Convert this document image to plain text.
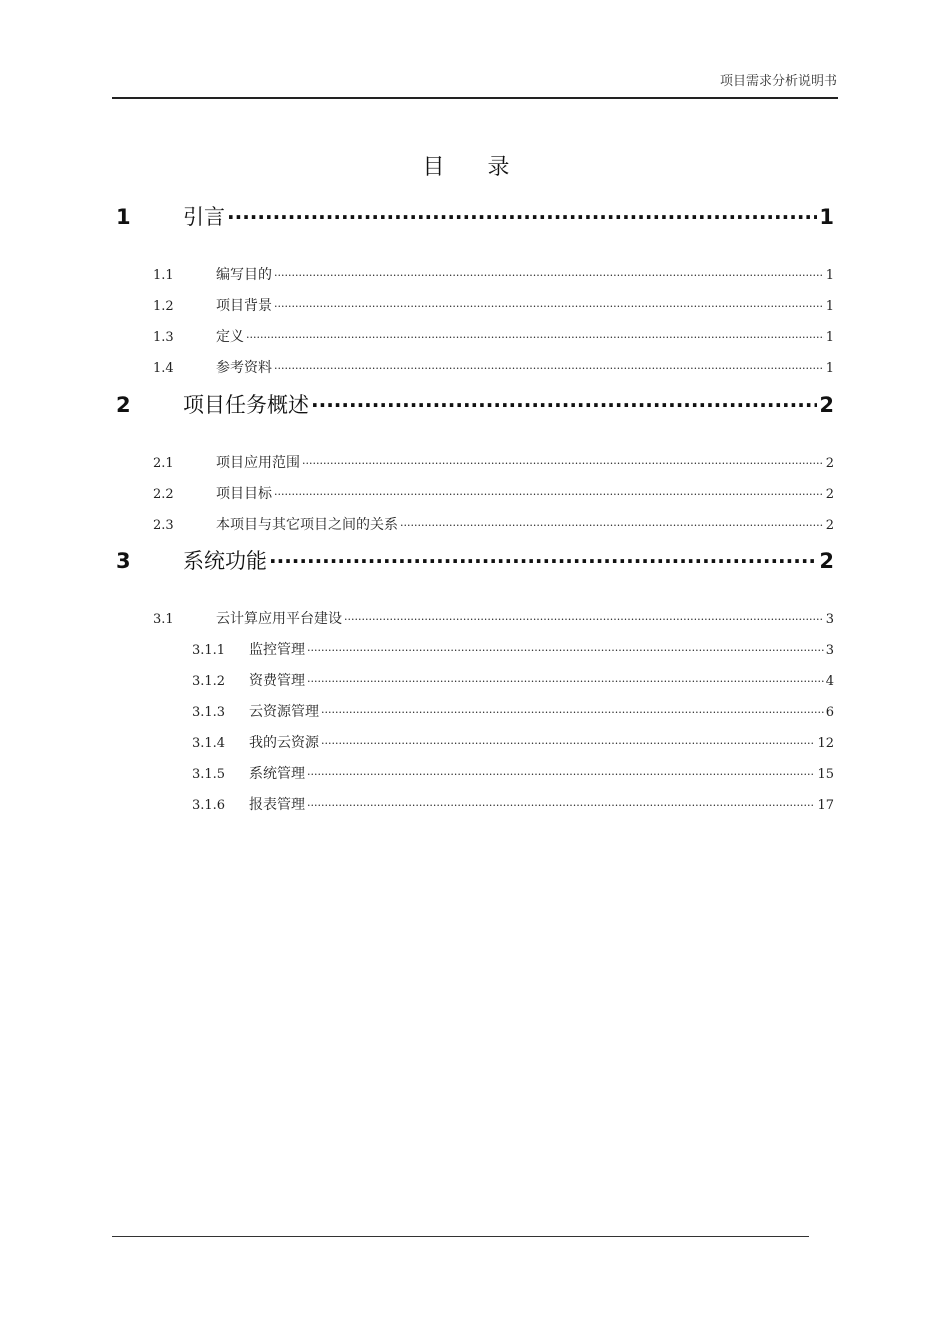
项目需求分析说明书
目 录
1	引言 .....	1
1.1	编写目的 .....	1
1.2	项目背景 .....	1
1.3	定义 .....	1
1.4	参考资料 .....	1
2	项目任务概述 .....	2
2.1	项目应用范围 .....	2
2.2	项目目标 .....	2
2.3	本项目与其它项目之间的关系 .....	2
3	系统功能 .....	2
3.1	云计算应用平台建设 .....	3
3.1.1	监控管理 .....	3
3.1.2	资费管理 .....	4
3.1.3	云资源管理 .....	6
3.1.4	我的云资源 .....	12
3.1.5	系统管理 .....	15
3.1.6	报表管理 .....	17
